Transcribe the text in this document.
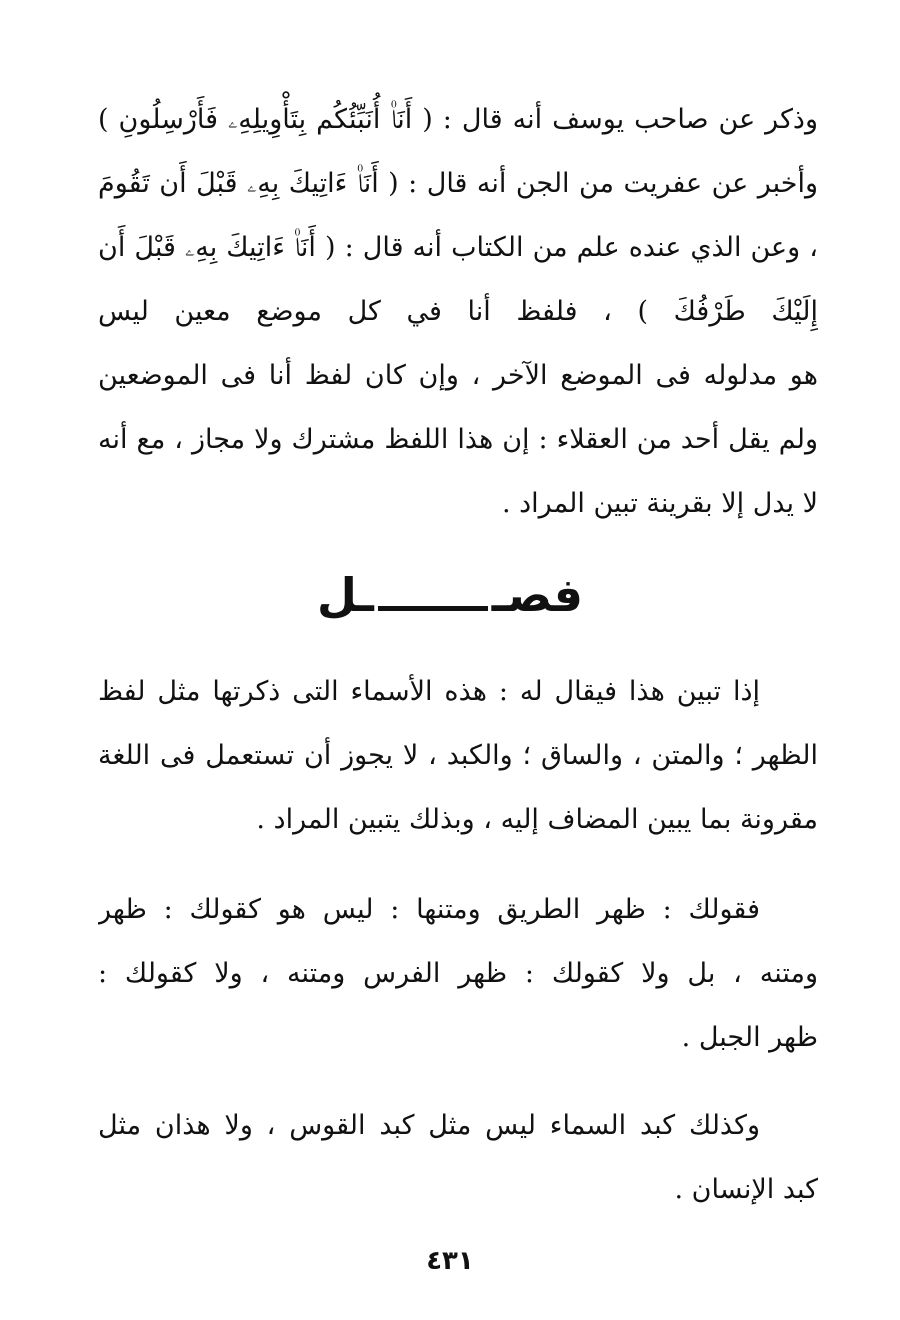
وذكر عن صاحب يوسف أنه قال : ( أَنَا۠ أُنَبِّئُكُم بِتَأْوِيلِهِۦ فَأَرْسِلُونِ )
وأخبر عن عفريت من الجن أنه قال : ( أَنَا۠ ءَاتِيكَ بِهِۦ قَبْلَ أَن تَقُومَ
، وعن الذي عنده علم من الكتاب أنه قال : ( أَنَا۠ ءَاتِيكَ بِهِۦ قَبْلَ أَن
إِلَيْكَ طَرْفُكَ ) ، فلفظ أنا في كل موضع معين ليس
هو مدلوله فى الموضع الآخر ، وإن كان لفظ أنا فى الموضعين
ولم يقل أحد من العقلاء : إن هذا اللفظ مشترك ولا مجاز ، مع أنه
لا يدل إلا بقرينة تبين المراد .
فصــل
إذا تبين هذا فيقال له : هذه الأسماء التى ذكرتها مثل لفظ
الظهر ؛ والمتن ، والساق ؛ والكبد ، لا يجوز أن تستعمل فى اللغة
مقرونة بما يبين المضاف إليه ، وبذلك يتبين المراد .
فقولك : ظهر الطريق ومتنها : ليس هو كقولك : ظهر
ومتنه ، بل ولا كقولك : ظهر الفرس ومتنه ، ولا كقولك :
ظهر الجبل .
وكذلك كبد السماء ليس مثل كبد القوس ، ولا هذان مثل
كبد الإنسان .
٤٣١
